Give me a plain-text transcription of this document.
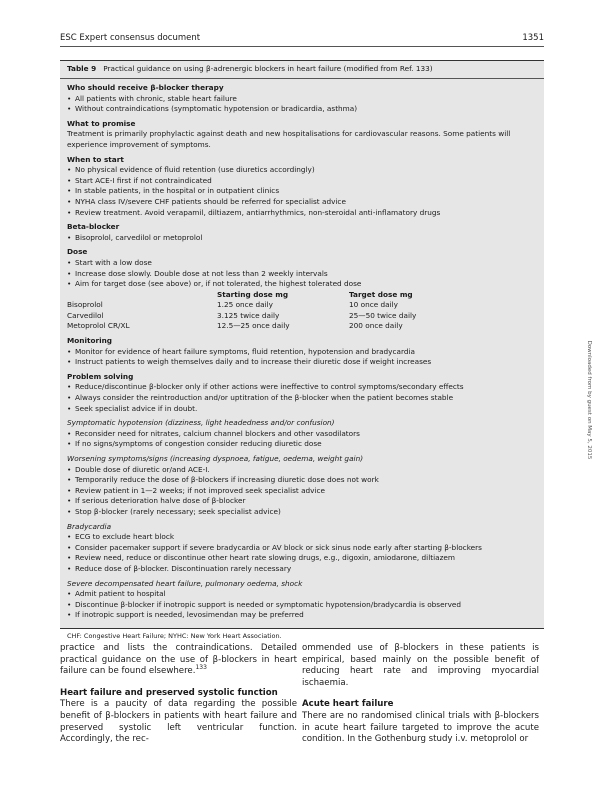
ESC Expert consensus document	1351
Table 9 Practical guidance on using β-adrenergic blockers in heart failure (modified from Ref. 133)
Who should receive β-blocker therapy
• All patients with chronic, stable heart failure
• Without contraindications (symptomatic hypotension or bradicardia, asthma)
What to promise
Treatment is primarily prophylactic against death and new hospitalisations for cardiovascular reasons. Some patients will experience improvement of symptoms.
When to start
• No physical evidence of fluid retention (use diuretics accordingly)
• Start ACE-I first if not contraindicated
• In stable patients, in the hospital or in outpatient clinics
• NYHA class IV/severe CHF patients should be referred for specialist advice
• Review treatment. Avoid verapamil, diltiazem, antiarrhythmics, non-steroidal anti-inflamatory drugs
Beta-blocker
• Bisoprolol, carvedilol or metoprolol
Dose
• Start with a low dose
• Increase dose slowly. Double dose at not less than 2 weekly intervals
• Aim for target dose (see above) or, if not tolerated, the highest tolerated dose
Starting dose mg	Target dose mg
Bisoprolol	1.25 once daily	10 once daily
Carvedilol	3.125 twice daily	25—50 twice daily
Metoprolol CR/XL	12.5—25 once daily	200 once daily
Monitoring
• Monitor for evidence of heart failure symptoms, fluid retention, hypotension and bradycardia
• Instruct patients to weigh themselves daily and to increase their diuretic dose if weight increases
Problem solving
• Reduce/discontinue β-blocker only if other actions were ineffective to control symptoms/secondary effects
• Always consider the reintroduction and/or uptitration of the β-blocker when the patient becomes stable
• Seek specialist advice if in doubt.
Symptomatic hypotension (dizziness, light headedness and/or confusion)
• Reconsider need for nitrates, calcium channel blockers and other vasodilators
• If no signs/symptoms of congestion consider reducing diuretic dose
Worsening symptoms/signs (increasing dyspnoea, fatigue, oedema, weight gain)
• Double dose of diuretic or/and ACE-I.
• Temporarily reduce the dose of β-blockers if increasing diuretic dose does not work
• Review patient in 1—2 weeks; if not improved seek specialist advice
• If serious deterioration halve dose of β-blocker
• Stop β-blocker (rarely necessary; seek specialist advice)
Bradycardia
• ECG to exclude heart block
• Consider pacemaker support if severe bradycardia or AV block or sick sinus node early after starting β-blockers
• Review need, reduce or discontinue other heart rate slowing drugs, e.g., digoxin, amiodarone, diltiazem
• Reduce dose of β-blocker. Discontinuation rarely necessary
Severe decompensated heart failure, pulmonary oedema, shock
• Admit patient to hospital
• Discontinue β-blocker if inotropic support is needed or symptomatic hypotension/bradycardia is observed
• If inotropic support is needed, levosimendan may be preferred
CHF: Congestive Heart Failure; NYHC: New York Heart Association.

practice and lists the contraindications. Detailed practical guidance on the use of β-blockers in heart failure can be found elsewhere.$^{133}$

Heart failure and preserved systolic function

There is a paucity of data regarding the possible benefit of β-blockers in patients with heart failure and preserved systolic left ventricular function. Accordingly, the rec-

ommended use of β-blockers in these patients is empirical, based mainly on the possible benefit of reducing heart rate and improving myocardial ischaemia.

Acute heart failure

There are no randomised clinical trials with β-blockers in acute heart failure targeted to improve the acute condition. In the Gothenburg study i.v. metoprolol or

Downloaded from by guest on May 5, 2015
